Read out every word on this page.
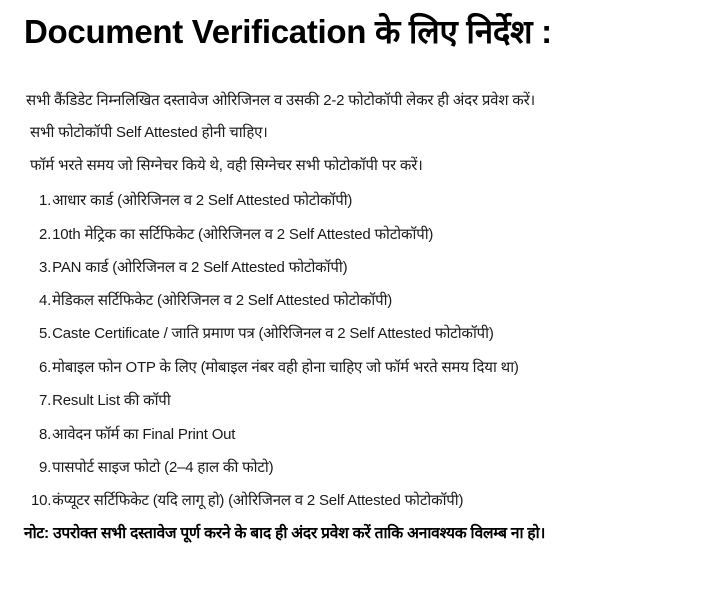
Document Verification के लिए निर्देश :
सभी कैंडिडेट निम्नलिखित दस्तावेज ओरिजिनल व उसकी 2-2 फोटोकॉपी लेकर ही अंदर प्रवेश करें।
सभी फोटोकॉपी Self Attested होनी चाहिए।
फॉर्म भरते समय जो सिग्नेचर किये थे, वही सिग्नेचर सभी फोटोकॉपी पर करें।
1.आधार कार्ड (ओरिजिनल व 2 Self Attested फोटोकॉपी)
2.10th मेट्रिक का सर्टिफिकेट (ओरिजिनल व 2 Self Attested फोटोकॉपी)
3.PAN कार्ड (ओरिजिनल व 2 Self Attested फोटोकॉपी)
4.मेडिकल सर्टिफिकेट (ओरिजिनल व 2 Self Attested फोटोकॉपी)
5.Caste Certificate / जाति प्रमाण पत्र (ओरिजिनल व 2 Self Attested फोटोकॉपी)
6.मोबाइल फोन OTP के लिए (मोबाइल नंबर वही होना चाहिए जो फॉर्म भरते समय दिया था)
7.Result List की कॉपी
8.आवेदन फॉर्म का Final Print Out
9.पासपोर्ट साइज फोटो (2–4 हाल की फोटो)
10.कंप्यूटर सर्टिफिकेट (यदि लागू हो) (ओरिजिनल व 2 Self Attested फोटोकॉपी)
नोट: उपरोक्त सभी दस्तावेज पूर्ण करने के बाद ही अंदर प्रवेश करें ताकि अनावश्यक विलम्ब ना हो।
